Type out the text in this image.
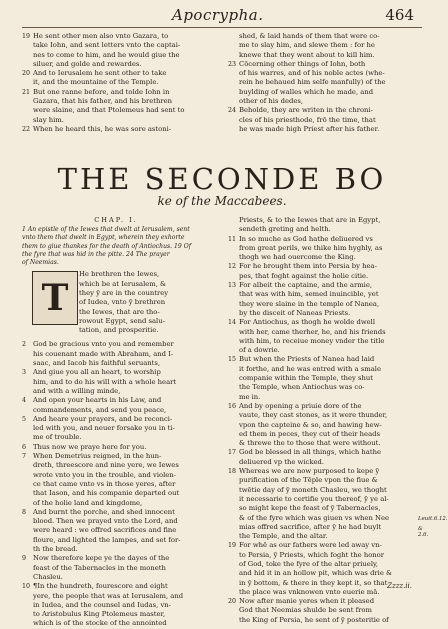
Apocrypha.	464
19 He sent other men also vnto Gazara, to
take Iohn, and sent letters vnto the captai-
nes to come to him, and he would giue the
siluer, and golde and rewardes.
20 And to Ierusalem he sent other to take
it, and the mountaine of the Temple.
21 But one ranne before, and tolde Iohn in
Gazara, that his father, and his brethren
were slaine, and that Ptolemeus had sent to
slay him.
22 When he heard this, he was sore astoni-
shed, & laid hands of them that were co-
me to slay him, and slewe them : for he
knewe that they went about to kill him.
23 Cōcerning other things of Iohn, both
of his warres, and of his noble actes (whe-
rein he behaued him selfe manfully) of the
buylding of walles which he made, and
other of his dedes,
24 Beholde, they are writen in the chroni-
cles of his priesthode, frō the time, that
he was made high Priest after his father.
THE SECONDE BO
ke of the Maccabees.
CHAP. I.
1 An epistle of the Iewes that dwelt at Ierusalem, sent
vnto them that dwelt in Egypt, wherein they exhorte
them to giue thankes for the death of Antiochus. 19 Of
the fyre that was hid in the pitte. 24 The prayer
of Neemias.
T
He brethren the Iewes,
which be at Ierusalem, &
they ȳ are in the countrey
of Iudea, vnto ȳ brethren
the Iewes, that are tho-
rowout Egypt, send salu-
tation, and prosperitie.
2 God be gracious vnto you and remember
his couenant made with Abraham, and I-
saac, and Iacob his faithful seruants,
3 And giue you all an heart, to worship
him, and to do his will with a whole heart
and with a willing minde,
4 And open your hearts in his Law, and
commandements, and send you peace,
5 And heare your prayers, and be reconci-
led with you, and neuer forsake you in ti-
me of trouble.
6 Thus now we praye here for you.
7 When Demetrius reigned, in the hun-
dreth, threescore and nine yere, we Iewes
wrote vnto you in the trouble, and violen-
ce that came vnto vs in those yeres, after
that Iason, and his companie departed out
of the holie land and kingdome,
8 And burnt the porche, and shed innocent
blood. Then we prayed vnto the Lord, and
were heard : we offred sacrifices and fine
floure, and lighted the lampes, and set for-
th the bread.
9 Now therefore kepe ye the dayes of the
feast of the Tabernacles in the moneth
Chasleu.
10 ¶In the hundreth, fourescore and eight
yere, the people that was at Ierusalem, and
in Iudea, and the counsel and Iudas, vn-
to Aristobulus King Ptolemeus master,
which is of the stocke of the annointed
Priests, & to the Iewes that are in Egypt,
sendeth greting and helth.
11 In so muche as God hathe deliuered vs
from great perils, we thike him hyghly, as
thogh we had ouercome the King.
12 For he brought them into Persia by hea-
pes, that foght against the holie citie.
13 For albeit the captaine, and the armie,
that was with him, semed inuincible, yet
they were slaine in the temple of Nanea,
by the disceit of Naneas Priests.
14 For Antiochus, as thogh he wolde dwell
with her, came therher, he, and his friends
with him, to receiue money vnder the title
of a dowrie.
15 But when the Priests of Nanea had laid
it forthe, and he was entred with a smale
companie within the Temple, they shut
the Temple, when Antiochus was co-
me in.
16 And by opening a priuie dore of the
vaute, they cast stones, as it were thunder,
vpon the capteine & so, and hawing hew-
ed them in peces, they cut of their heads
& threwe the to those that were without.
17 God be blessed in all things, which hathe
deliuered vp the wicked.
18 Whereas we are now purposed to kepe ȳ
purification of the Tēple vpon the fiue &
twētie day of ȳ moneth Chasleu, we thoght
it necessarie to certifie you thereof, ȳ ye al-
so might kepe the feast of ȳ Tabernacles,
& of the fyre which was giuen vs when Nee
mias offred sacrifice, after ȳ he had buylt
the Temple, and the altar.
19 For whē as our fathers were led away vn-
to Persia, ȳ Priests, which foght the honor
of God, toke the fyre of the altar priuely,
and hid it in an hollow pit, which was drie &
in ȳ bottom, & there in they kept it, so that
the place was vnknowen vnto euerie mā.
20 Now after manie yeres when it pleased
God that Neemias shulde be sent from
the King of Persia, he sent of ȳ posteritie of
Leuit.6.12.
& 2.6.
Zzzz.ii.
